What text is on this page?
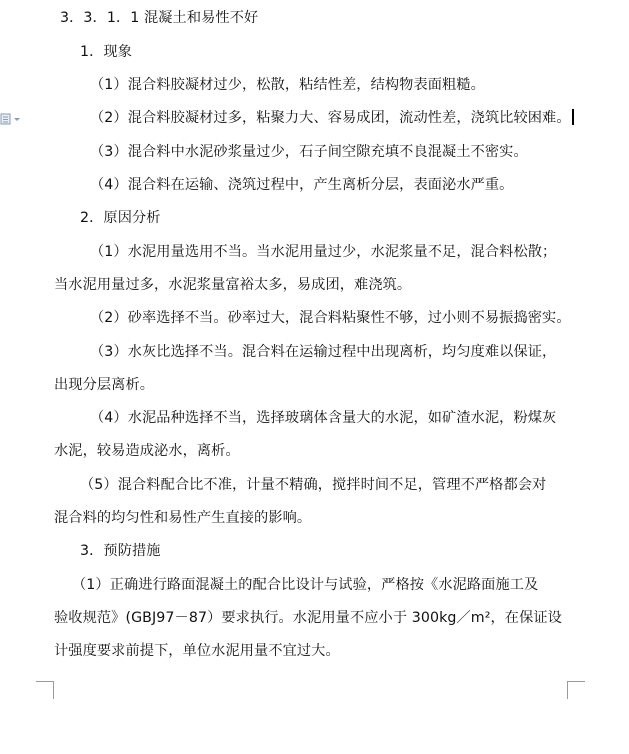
3．3．1．1 混凝土和易性不好
1．现象
（1）混合料胶凝材过少，松散，粘结性差，结构物表面粗糙。
（2）混合料胶凝材过多，粘聚力大、容易成团，流动性差，浇筑比较困难。
（3）混合料中水泥砂浆量过少，石子间空隙充填不良混凝土不密实。
（4）混合料在运输、浇筑过程中，产生离析分层，表面泌水严重。
2．原因分析
（1）水泥用量选用不当。当水泥用量过少，水泥浆量不足，混合料松散；
当水泥用量过多，水泥浆量富裕太多，易成团，难浇筑。
（2）砂率选择不当。砂率过大，混合料粘聚性不够，过小则不易振捣密实。
（3）水灰比选择不当。混合料在运输过程中出现离析，均匀度难以保证，
出现分层离析。
（4）水泥品种选择不当，选择玻璃体含量大的水泥，如矿渣水泥，粉煤灰
水泥，较易造成泌水，离析。
（5）混合料配合比不准，计量不精确，搅拌时间不足，管理不严格都会对
混合料的均匀性和易性产生直接的影响。
3．预防措施
（1）正确进行路面混凝土的配合比设计与试验，严格按《水泥路面施工及
验收规范》(GBJ97－87）要求执行。水泥用量不应小于 300kg／m²，在保证设
计强度要求前提下，单位水泥用量不宜过大。
